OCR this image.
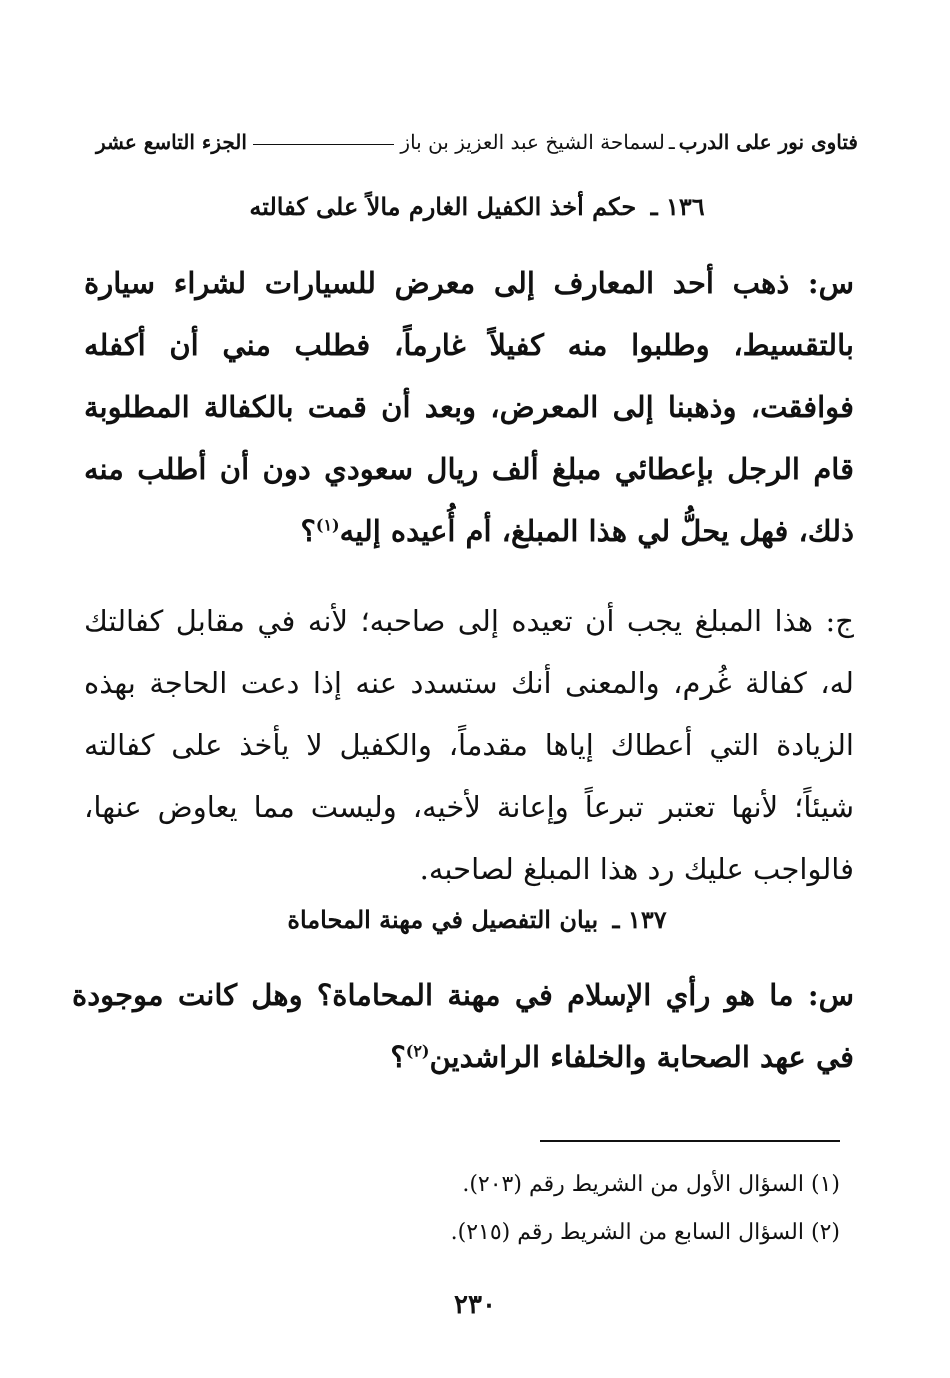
فتاوى نور على الدرب
ـ
لسماحة الشيخ عبد العزيز بن باز
الجزء التاسع عشر
١٣٦ ـ حكم أخذ الكفيل الغارم مالاً على كفالته

س: ذهب أحد المعارف إلى معرض للسيارات لشراء سيارة بالتقسيط، وطلبوا منه كفيلاً غارماً، فطلب مني أن أكفله فوافقت، وذهبنا إلى المعرض، وبعد أن قمت بالكفالة المطلوبة قام الرجل بإعطائي مبلغ ألف ريال سعودي دون أن أطلب منه ذلك، فهل يحلُّ لي هذا المبلغ، أم أُعيده إليه$^{(١)}$؟

ج: هذا المبلغ يجب أن تعيده إلى صاحبه؛ لأنه في مقابل كفالتك له، كفالة غُرم، والمعنى أنك ستسدد عنه إذا دعت الحاجة بهذه الزيادة التي أعطاك إياها مقدماً، والكفيل لا يأخذ على كفالته شيئاً؛ لأنها تعتبر تبرعاً وإعانة لأخيه، وليست مما يعاوض عنها، فالواجب عليك رد هذا المبلغ لصاحبه.

١٣٧ ـ بيان التفصيل في مهنة المحاماة

س: ما هو رأي الإسلام في مهنة المحاماة؟ وهل كانت موجودة في عهد الصحابة والخلفاء الراشدين$^{(٢)}$؟

(١) السؤال الأول من الشريط رقم (٢٠٣).
(٢) السؤال السابع من الشريط رقم (٢١٥).
٢٣٠
